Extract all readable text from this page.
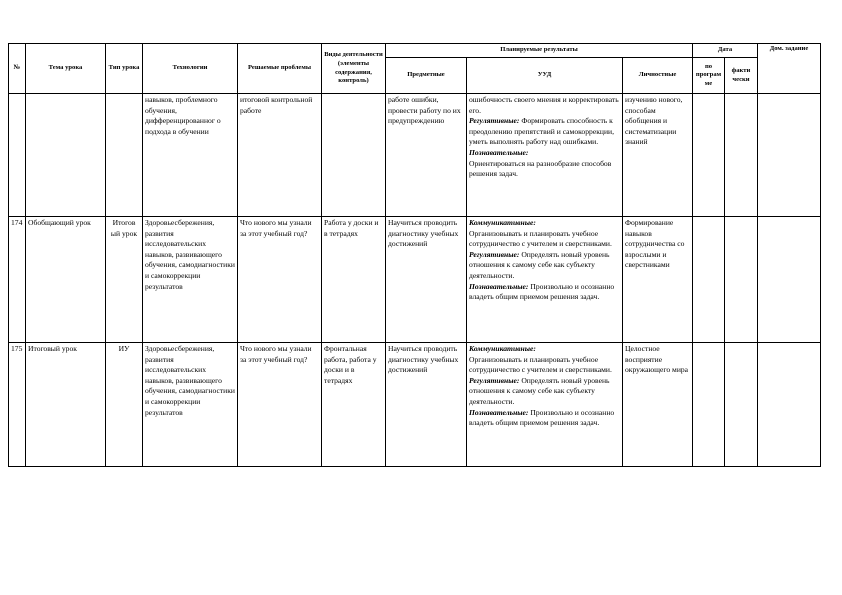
№	Тема урока	Тип урока	Технологии	Решаемые проблемы	Виды деятельности (элементы содержания, контроль)	Планируемые результаты			Дата		Дом. задание
						Предметные	УУД	Личностные	по програм ме	факти чески	
			навыков, проблемного обучения, дифференцированног о подхода в обучении	итоговой контрольной работе		работе ошибки, провести работу по их предупреждению	ошибочность своего мнения и корректировать его.
Регулятивные: Формировать способность к преодолению препятствий и самокоррекции, уметь выполнять работу над ошибками.
Познавательные:
Ориентироваться на разнообразие способов решения задач.	изучению нового, способам обобщения и систематизации знаний			
174	Обобщающий урок	Итогов ый урок	Здоровьесбережения, развития исследовательских навыков, развивающего обучения, самодиагностики и самокоррекции результатов	Что нового мы узнали за этот учебный год?	Работа у доски и в тетрадях	Научиться проводить диагностику учебных достижений	Коммуникативные:
Организовывать и планировать учебное сотрудничество с учителем и сверстниками.
Регулятивные: Определять новый уровень отношения к самому себе как субъекту деятельности.
Познавательные: Произвольно и осознанно владеть общим приемом решения задач.	Формирование навыков сотрудничества со взрослыми и сверстниками			
175	Итоговый урок	ИУ	Здоровьесбережения, развития исследовательских навыков, развивающего обучения, самодиагностики и самокоррекции результатов	Что нового мы узнали за этот учебный год?	Фронтальная работа, работа у доски и в тетрадях	Научиться проводить диагностику учебных достижений	Коммуникативные:
Организовывать и планировать учебное сотрудничество с учителем и сверстниками.
Регулятивные: Определять новый уровень отношения к самому себе как субъекту деятельности.
Познавательные: Произвольно и осознанно владеть общим приемом решения задач.	Целостное восприятие окружающего мира			
